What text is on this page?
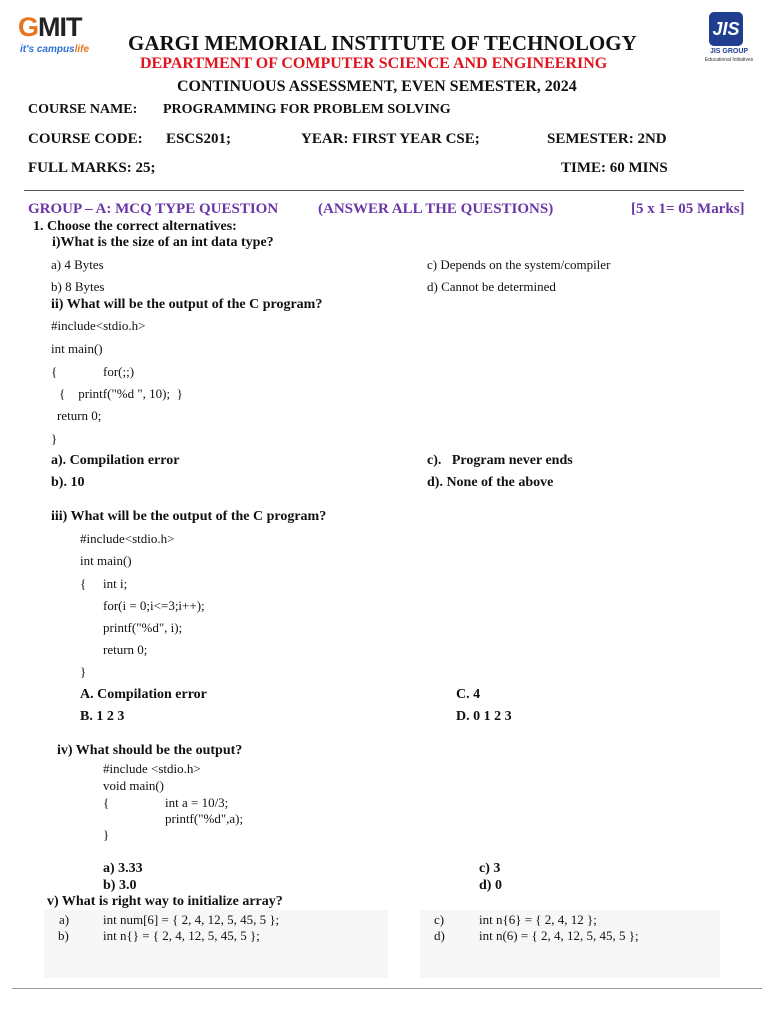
GMIT
it's campuslife
JIS
JIS GROUP
Educational Initiatives
GARGI MEMORIAL INSTITUTE OF TECHNOLOGY
DEPARTMENT OF COMPUTER SCIENCE AND ENGINEERING
CONTINUOUS ASSESSMENT, EVEN SEMESTER, 2024
COURSE NAME: PROGRAMMING FOR PROBLEM SOLVING
COURSE CODE: ESCS201;	YEAR: FIRST YEAR CSE;	SEMESTER: 2ND
FULL MARKS: 25;	TIME: 60 MINS
GROUP – A: MCQ TYPE QUESTION	(ANSWER ALL THE QUESTIONS)	[5 x 1= 05 Marks]
1. Choose the correct alternatives:
i)What is the size of an int data type?
a) 4 Bytes	c) Depends on the system/compiler
b) 8 Bytes	d) Cannot be determined
ii) What will be the output of the C program?
#include<stdio.h>
int main()
{	for(;;)
{    printf("%d ", 10);  }
return 0;
}
a). Compilation error	c).   Program never ends
b). 10	d). None of the above
iii) What will be the output of the C program?
#include<stdio.h>
int main()
{ int i;
for(i = 0;i<=3;i++);
printf("%d", i);
return 0;
}
A. Compilation error	C. 4
B. 1 2 3	D. 0 1 2 3
iv) What should be the output?
#include <stdio.h>
void main()
{	int a = 10/3;
printf("%d",a);
}
a) 3.33	c) 3
b) 3.0	d) 0
v) What is right way to initialize array?
a)	int num[6] = { 2, 4, 12, 5, 45, 5 };	c)	int n{6} = { 2, 4, 12 };
b)	int n{} = { 2, 4, 12, 5, 45, 5 };	d)	int n(6) = { 2, 4, 12, 5, 45, 5 };
